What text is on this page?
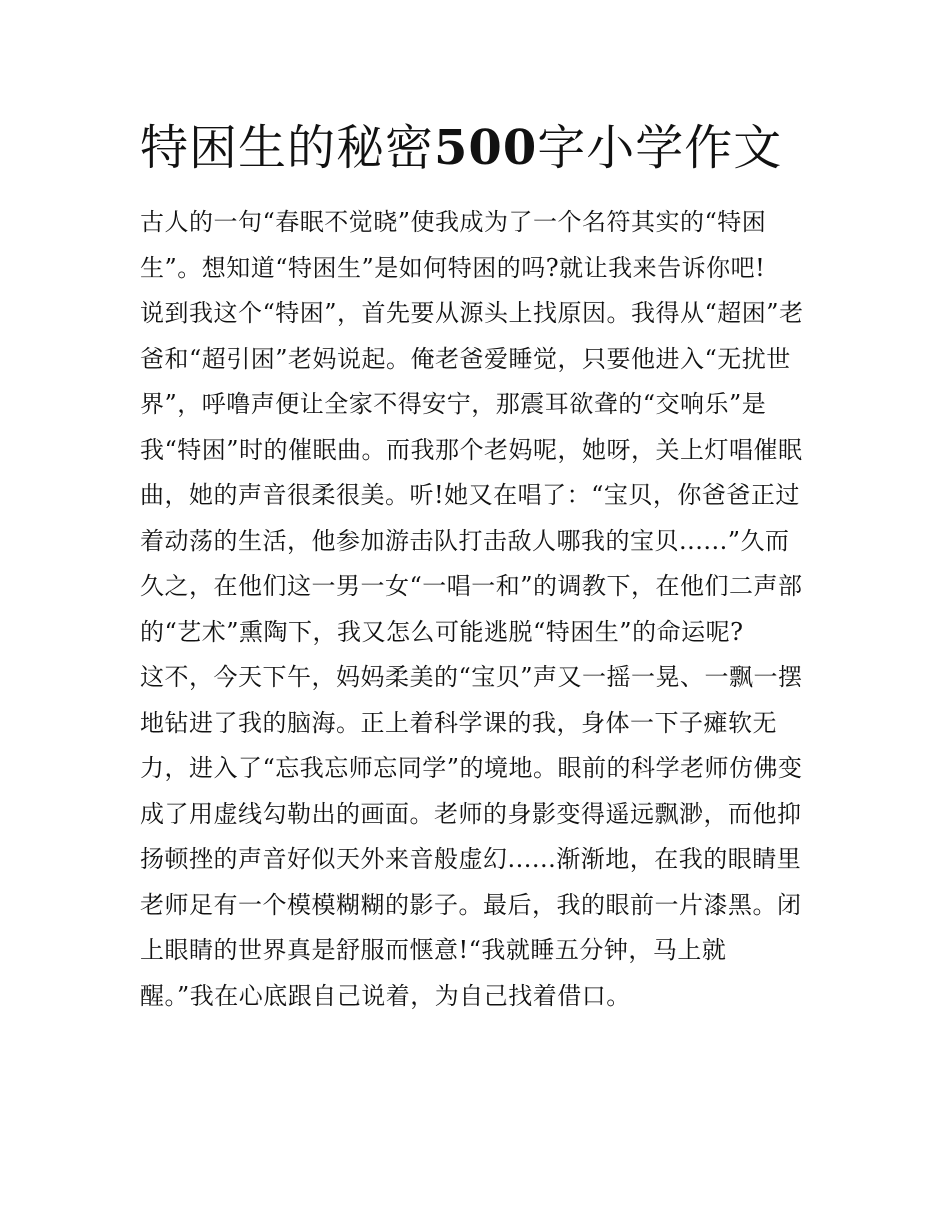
特困生的秘密500字小学作文
古人的一句“春眠不觉晓”使我成为了一个名符其实的“特困
生”。想知道“特困生”是如何特困的吗?就让我来告诉你吧!
说到我这个“特困”，首先要从源头上找原因。我得从“超困”老
爸和“超引困”老妈说起。俺老爸爱睡觉，只要他进入“无扰世
界”，呼噜声便让全家不得安宁，那震耳欲聋的“交响乐”是
我“特困”时的催眠曲。而我那个老妈呢，她呀，关上灯唱催眠
曲，她的声音很柔很美。听!她又在唱了：“宝贝，你爸爸正过
着动荡的生活，他参加游击队打击敌人哪我的宝贝......”久而
久之，在他们这一男一女“一唱一和”的调教下，在他们二声部
的“艺术”熏陶下，我又怎么可能逃脱“特困生”的命运呢?
这不，今天下午，妈妈柔美的“宝贝”声又一摇一晃、一飘一摆
地钻进了我的脑海。正上着科学课的我，身体一下子瘫软无
力，进入了“忘我忘师忘同学”的境地。眼前的科学老师仿佛变
成了用虚线勾勒出的画面。老师的身影变得遥远飘渺，而他抑
扬顿挫的声音好似天外来音般虚幻......渐渐地，在我的眼睛里
老师足有一个模模糊糊的影子。最后，我的眼前一片漆黑。闭
上眼睛的世界真是舒服而惬意!“我就睡五分钟，马上就
醒。”我在心底跟自己说着，为自己找着借口。
